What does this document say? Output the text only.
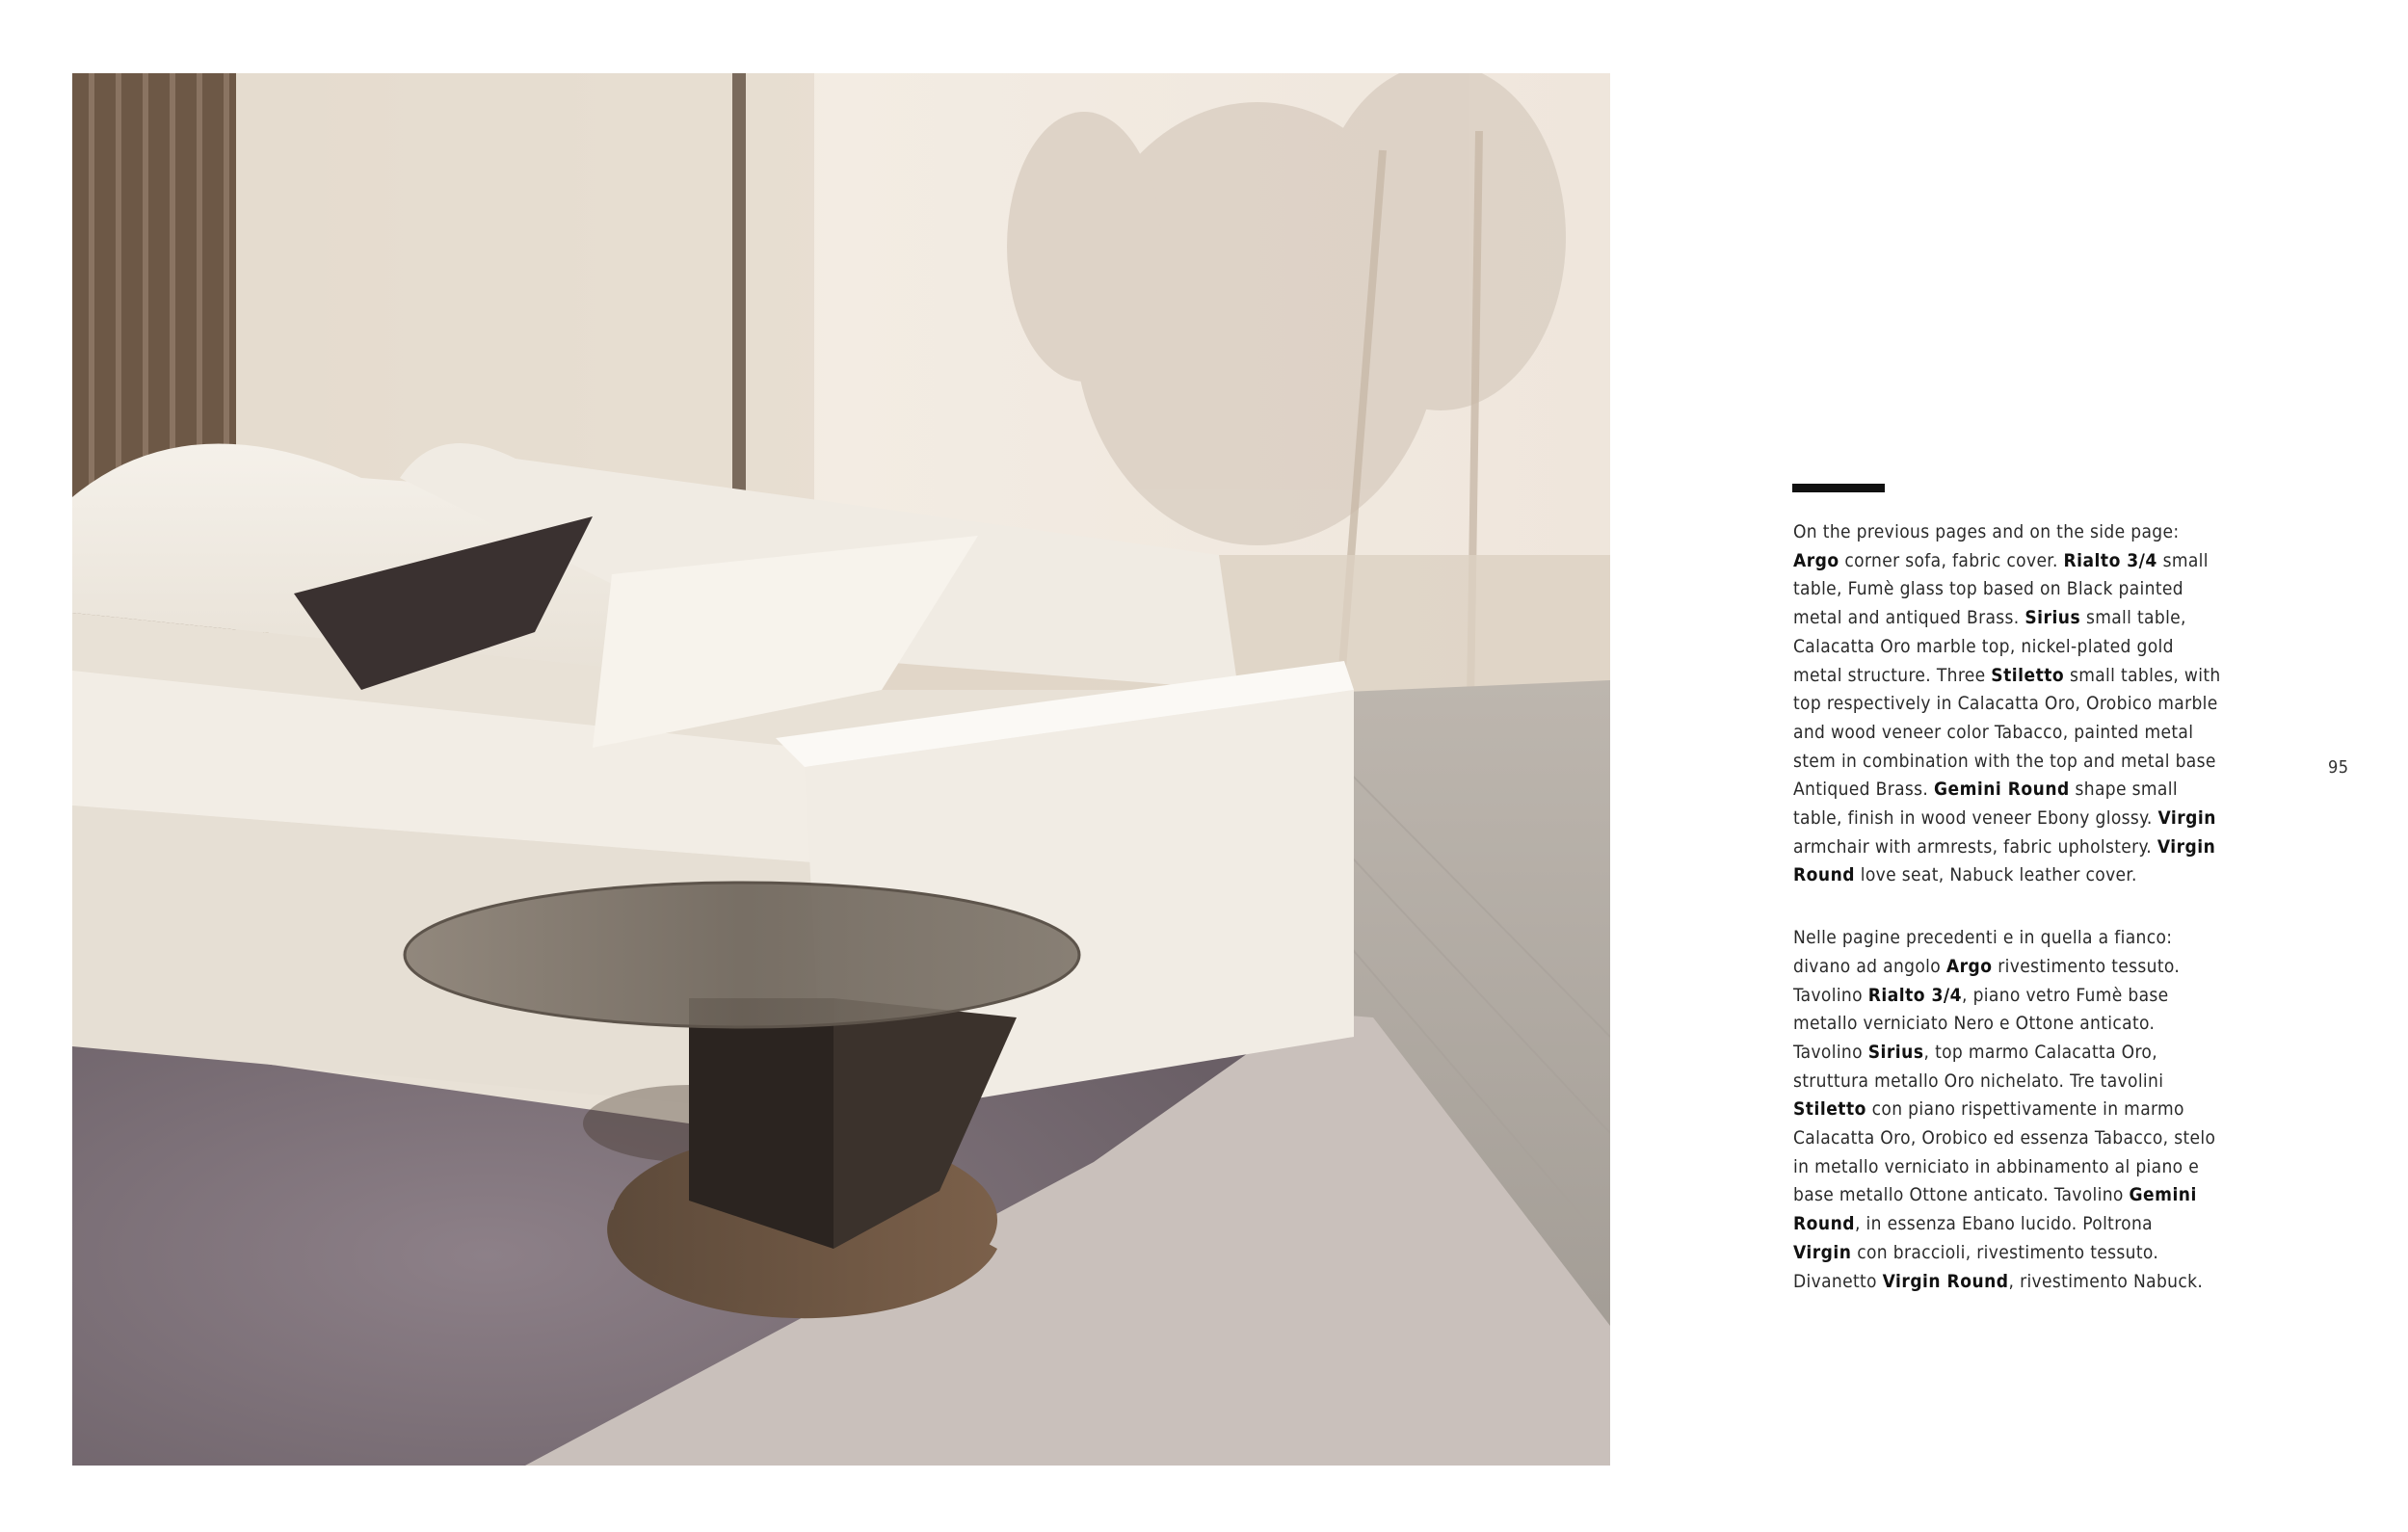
On the previous pages and on the side page:
Argo corner sofa, fabric cover. Rialto 3/4 small
table, Fumè glass top based on Black painted
metal and antiqued Brass. Sirius small table,
Calacatta Oro marble top, nickel-plated gold
metal structure. Three Stiletto small tables, with
top respectively in Calacatta Oro, Orobico marble
and wood veneer color Tabacco, painted metal
stem in combination with the top and metal base
Antiqued Brass. Gemini Round shape small
table, finish in wood veneer Ebony glossy. Virgin
armchair with armrests, fabric upholstery. Virgin
Round love seat, Nabuck leather cover.

Nelle pagine precedenti e in quella a fianco:
divano ad angolo Argo rivestimento tessuto.
Tavolino Rialto 3/4, piano vetro Fumè base
metallo verniciato Nero e Ottone anticato.
Tavolino Sirius, top marmo Calacatta Oro,
struttura metallo Oro nichelato. Tre tavolini
Stiletto con piano rispettivamente in marmo
Calacatta Oro, Orobico ed essenza Tabacco, stelo
in metallo verniciato in abbinamento al piano e
base metallo Ottone anticato. Tavolino Gemini
Round, in essenza Ebano lucido. Poltrona
Virgin con braccioli, rivestimento tessuto.
Divanetto Virgin Round, rivestimento Nabuck.

95
